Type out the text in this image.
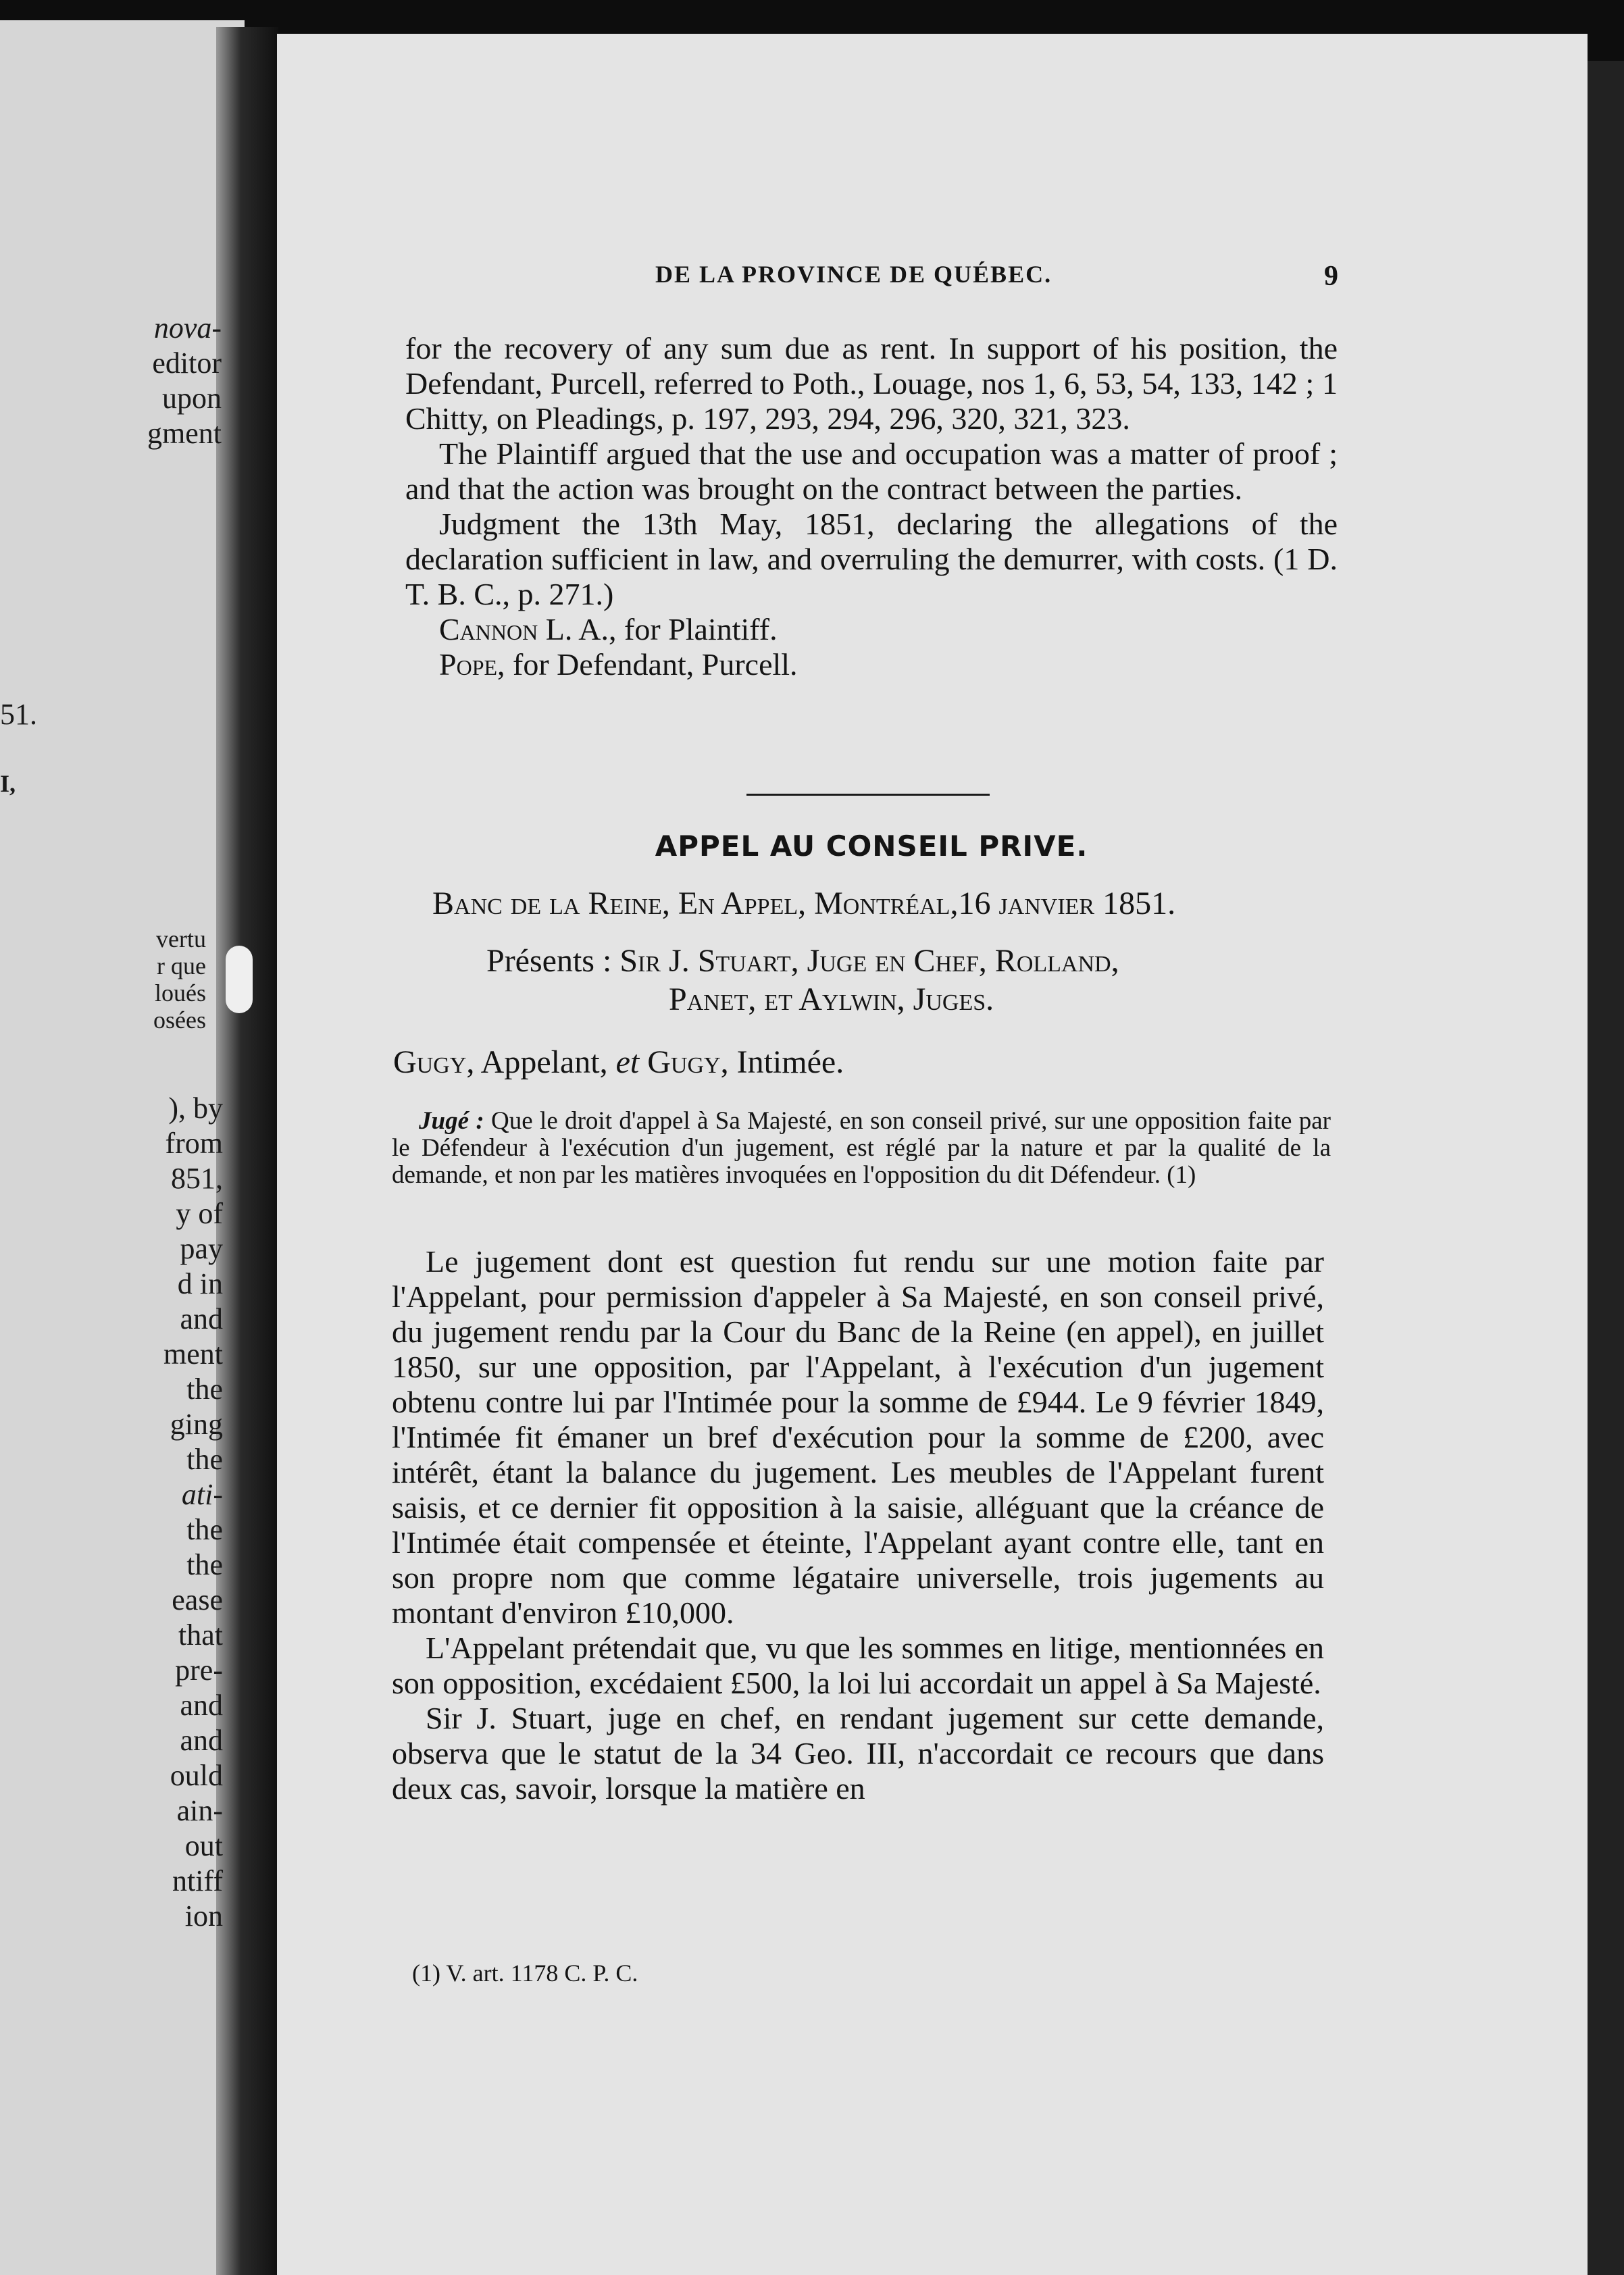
nova-
editor
upon
gment
51.
I,
vertu
r que
loués
osées
), by
from
851,
y of
pay
d in
and
ment
the
ging
the
ati-
the
the
ease
that
pre-
and
and
ould
ain-
out
ntiff
ion
DE LA PROVINCE DE QUÉBEC.	9

for the recovery of any sum due as rent. In support of his position, the Defendant, Purcell, referred to Poth., Louage, nos 1, 6, 53, 54, 133, 142 ; 1 Chitty, on Pleadings, p. 197, 293, 294, 296, 320, 321, 323.

The Plaintiff argued that the use and occupation was a matter of proof ; and that the action was brought on the contract between the parties.

Judgment the 13th May, 1851, declaring the allegations of the declaration sufficient in law, and overruling the demurrer, with costs. (1 D. T. B. C., p. 271.)

Cannon L. A., for Plaintiff.

Pope, for Defendant, Purcell.

APPEL AU CONSEIL PRIVE.
Banc de la Reine, En Appel, Montréal,16 janvier 1851.
Présents : Sir J. Stuart, Juge en Chef, Rolland,
Panet, et Aylwin, Juges.
Gugy, Appelant, et Gugy, Intimée.

Jugé : Que le droit d'appel à Sa Majesté, en son conseil privé, sur une opposition faite par le Défendeur à l'exécution d'un jugement, est réglé par la nature et par la qualité de la demande, et non par les matières invoquées en l'opposition du dit Défendeur. (1)

Le jugement dont est question fut rendu sur une motion faite par l'Appelant, pour permission d'appeler à Sa Majesté, en son conseil privé, du jugement rendu par la Cour du Banc de la Reine (en appel), en juillet 1850, sur une opposition, par l'Appelant, à l'exécution d'un jugement obtenu contre lui par l'Intimée pour la somme de £944. Le 9 février 1849, l'Intimée fit émaner un bref d'exécution pour la somme de £200, avec intérêt, étant la balance du jugement. Les meubles de l'Appelant furent saisis, et ce dernier fit opposition à la saisie, alléguant que la créance de l'Intimée était compensée et éteinte, l'Appelant ayant contre elle, tant en son propre nom que comme légataire universelle, trois jugements au montant d'environ £10,000.

L'Appelant prétendait que, vu que les sommes en litige, mentionnées en son opposition, excédaient £500, la loi lui accordait un appel à Sa Majesté.

Sir J. Stuart, juge en chef, en rendant jugement sur cette demande, observa que le statut de la 34 Geo. III, n'accordait ce recours que dans deux cas, savoir, lorsque la matière en

(1) V. art. 1178 C. P. C.
